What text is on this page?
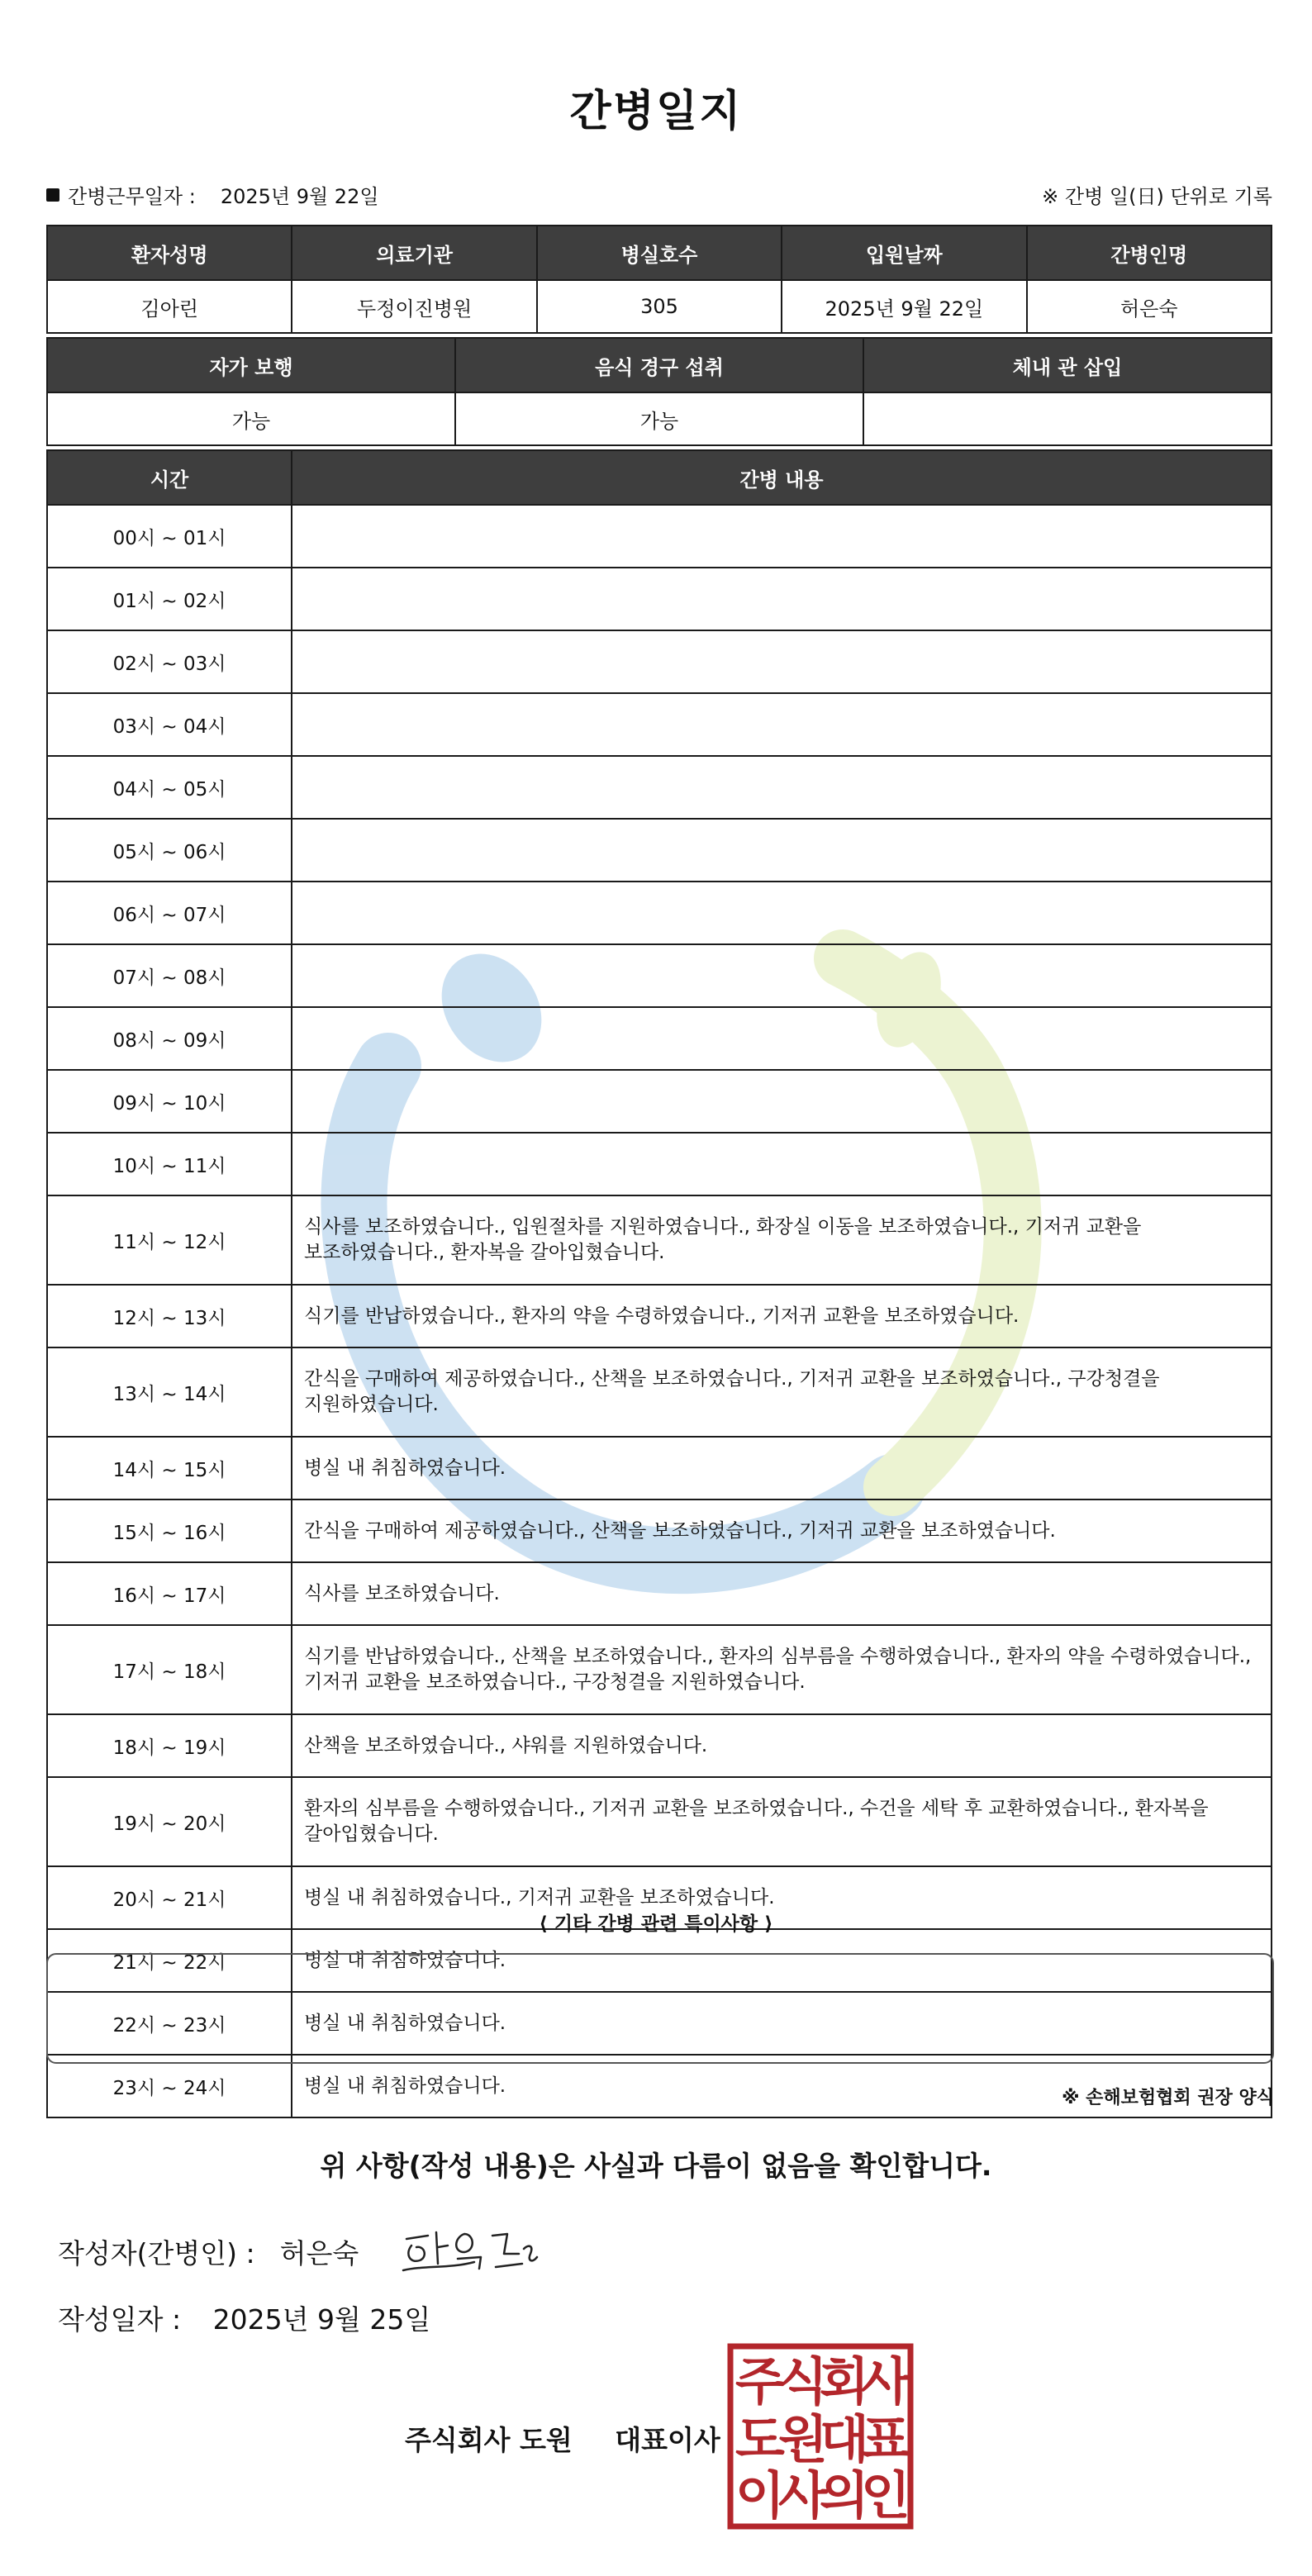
간병일지
간병근무일자 : 2025년 9월 22일	※ 간병 일(日) 단위로 기록
환자성명	의료기관	병실호수	입원날짜	간병인명
김아린	두정이진병원	305	2025년 9월 22일	허은숙
자가 보행	음식 경구 섭취	체내 관 삽입
가능	가능	
시간	간병 내용
00시 ~ 01시	
01시 ~ 02시	
02시 ~ 03시	
03시 ~ 04시	
04시 ~ 05시	
05시 ~ 06시	
06시 ~ 07시	
07시 ~ 08시	
08시 ~ 09시	
09시 ~ 10시	
10시 ~ 11시	
11시 ~ 12시	식사를 보조하였습니다., 입원절차를 지원하였습니다., 화장실 이동을 보조하였습니다., 기저귀 교환을 보조하였습니다., 환자복을 갈아입혔습니다.
12시 ~ 13시	식기를 반납하였습니다., 환자의 약을 수령하였습니다., 기저귀 교환을 보조하였습니다.
13시 ~ 14시	간식을 구매하여 제공하였습니다., 산책을 보조하였습니다., 기저귀 교환을 보조하였습니다., 구강청결을 지원하였습니다.
14시 ~ 15시	병실 내 취침하였습니다.
15시 ~ 16시	간식을 구매하여 제공하였습니다., 산책을 보조하였습니다., 기저귀 교환을 보조하였습니다.
16시 ~ 17시	식사를 보조하였습니다.
17시 ~ 18시	식기를 반납하였습니다., 산책을 보조하였습니다., 환자의 심부름을 수행하였습니다., 환자의 약을 수령하였습니다., 기저귀 교환을 보조하였습니다., 구강청결을 지원하였습니다.
18시 ~ 19시	산책을 보조하였습니다., 샤워를 지원하였습니다.
19시 ~ 20시	환자의 심부름을 수행하였습니다., 기저귀 교환을 보조하였습니다., 수건을 세탁 후 교환하였습니다., 환자복을 갈아입혔습니다.
20시 ~ 21시	병실 내 취침하였습니다., 기저귀 교환을 보조하였습니다.
21시 ~ 22시	병실 내 취침하였습니다.
22시 ~ 23시	병실 내 취침하였습니다.
23시 ~ 24시	병실 내 취침하였습니다.
⟨ 기타 간병 관련 특이사항 ⟩
※ 손해보험협회 권장 양식
위 사항(작성 내용)은 사실과 다름이 없음을 확인합니다.
작성자(간병인) : 허은숙
작성일자 : 2025년 9월 25일
주식회사 도원 대표이사
주
식
회
사
도
원
대
표
이
사
의
인
